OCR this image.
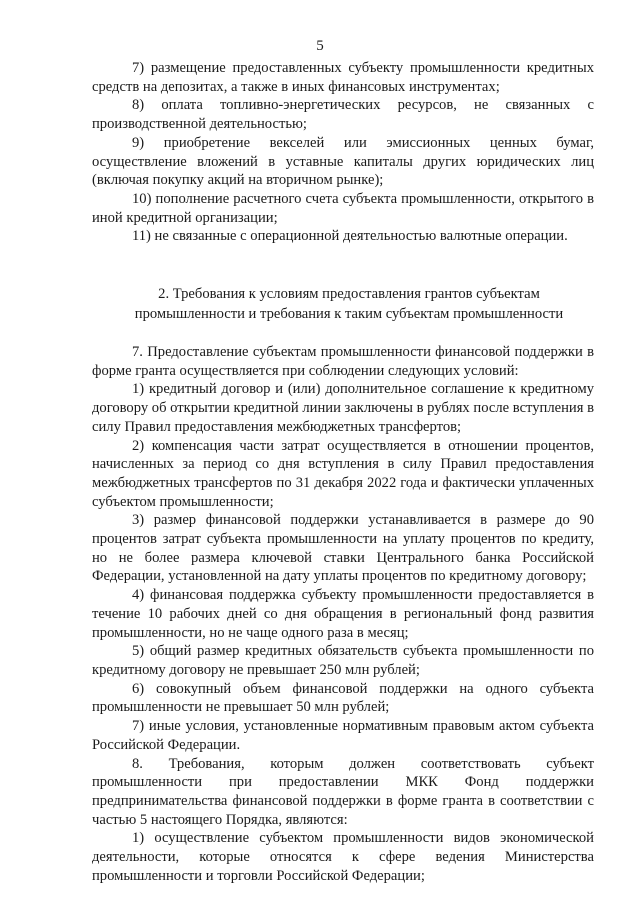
5

7) размещение предоставленных субъекту промышленности кредитных средств на депозитах, а также в иных финансовых инструментах;

8) оплата топливно-энергетических ресурсов, не связанных с производственной деятельностью;

9) приобретение векселей или эмиссионных ценных бумаг, осуществление вложений в уставные капиталы других юридических лиц (включая покупку акций на вторичном рынке);

10) пополнение расчетного счета субъекта промышленности, открытого в иной кредитной организации;

11) не связанные с операционной деятельностью валютные операции.

2. Требования к условиям предоставления грантов субъектам
промышленности и требования к таким субъектам промышленности

7. Предоставление субъектам промышленности финансовой поддержки в форме гранта осуществляется при соблюдении следующих условий:

1) кредитный договор и (или) дополнительное соглашение к кредитному договору об открытии кредитной линии заключены в рублях после вступления в силу Правил предоставления межбюджетных трансфертов;

2) компенсация части затрат осуществляется в отношении процентов, начисленных за период со дня вступления в силу Правил предоставления межбюджетных трансфертов по 31 декабря 2022 года и фактически уплаченных субъектом промышленности;

3) размер финансовой поддержки устанавливается в размере до 90 процентов затрат субъекта промышленности на уплату процентов по кредиту, но не более размера ключевой ставки Центрального банка Российской Федерации, установленной на дату уплаты процентов по кредитному договору;

4) финансовая поддержка субъекту промышленности предоставляется в течение 10 рабочих дней со дня обращения в региональный фонд развития промышленности, но не чаще одного раза в месяц;

5) общий размер кредитных обязательств субъекта промышленности по кредитному договору не превышает 250 млн рублей;

6) совокупный объем финансовой поддержки на одного субъекта промышленности не превышает 50 млн рублей;

7) иные условия, установленные нормативным правовым актом субъекта Российской Федерации.

8. Требования, которым должен соответствовать субъект промышленности при предоставлении МКК Фонд поддержки предпринимательства финансовой поддержки в форме гранта в соответствии с частью 5 настоящего Порядка, являются:

1) осуществление субъектом промышленности видов экономической деятельности, которые относятся к сфере ведения Министерства промышленности и торговли Российской Федерации;
